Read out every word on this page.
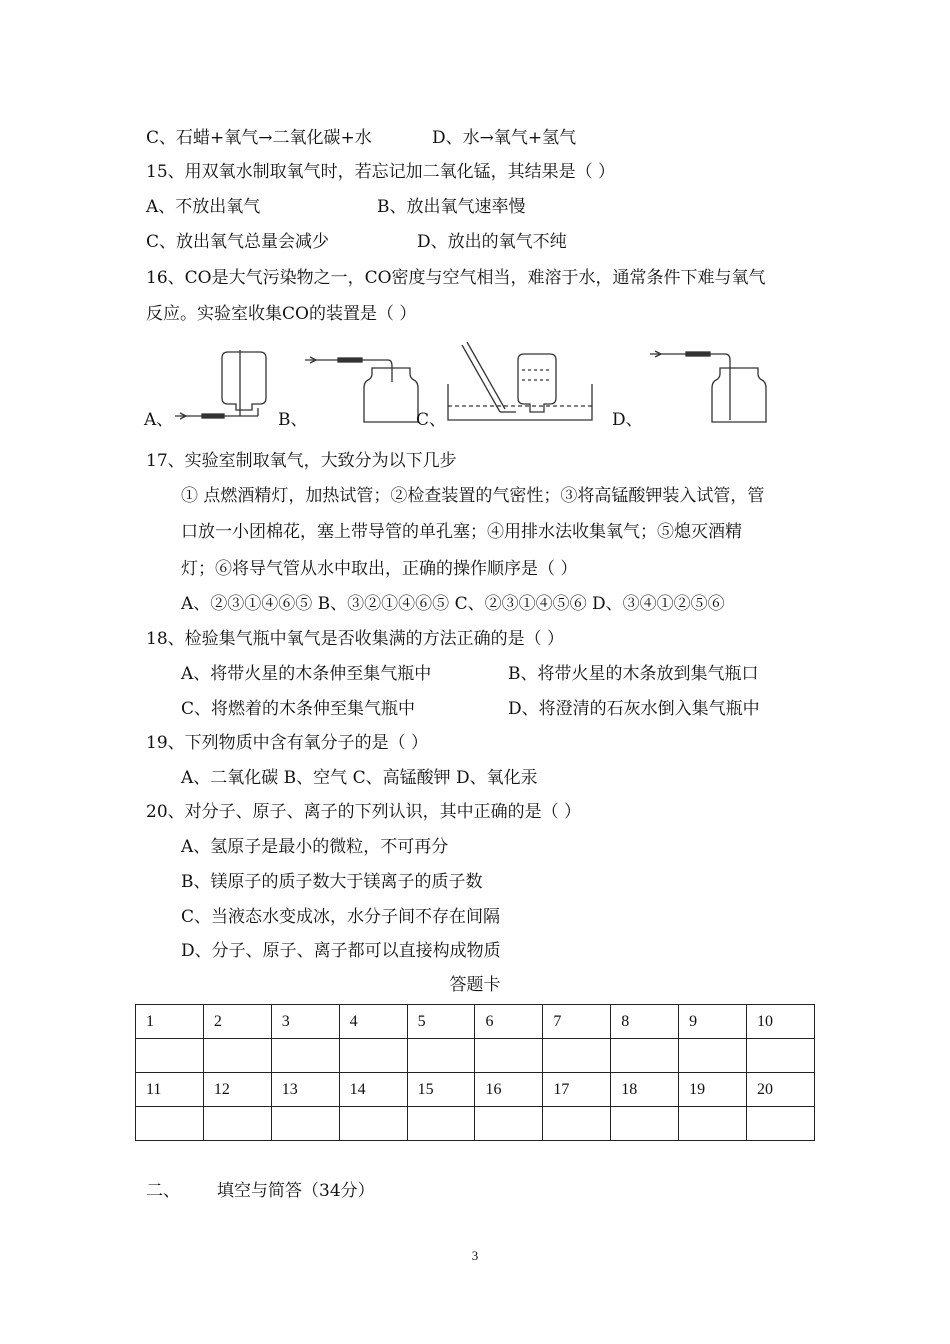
C、石蜡+氧气→二氧化碳+水	D、水→氧气+氢气
15、用双氧水制取氧气时，若忘记加二氧化锰，其结果是（ ）
A、不放出氧气	B、放出氧气速率慢
C、放出氧气总量会减少	D、放出的氧气不纯
16、CO是大气污染物之一，CO密度与空气相当，难溶于水，通常条件下难与氧气
反应。实验室收集CO的装置是（ ）
A、	B、	C、	D、
17、实验室制取氧气，大致分为以下几步
① 点燃酒精灯，加热试管；②检查装置的气密性；③将高锰酸钾装入试管，管
口放一小团棉花，塞上带导管的单孔塞；④用排水法收集氧气；⑤熄灭酒精
灯；⑥将导气管从水中取出，正确的操作顺序是（ ）
A、②③①④⑥⑤ B、③②①④⑥⑤ C、②③①④⑤⑥ D、③④①②⑤⑥
18、检验集气瓶中氧气是否收集满的方法正确的是（ ）
A、将带火星的木条伸至集气瓶中	B、将带火星的木条放到集气瓶口
C、将燃着的木条伸至集气瓶中	D、将澄清的石灰水倒入集气瓶中
19、下列物质中含有氧分子的是（ ）
A、二氧化碳 B、空气 C、高锰酸钾 D、氧化汞
20、对分子、原子、离子的下列认识，其中正确的是（ ）
A、氢原子是最小的微粒，不可再分
B、镁原子的质子数大于镁离子的质子数
C、当液态水变成冰，水分子间不存在间隔
D、分子、原子、离子都可以直接构成物质
答题卡
1	2	3	4	5	6	7	8	9	10

11	12	13	14	15	16	17	18	19	20

二、 填空与简答（34分）
3
